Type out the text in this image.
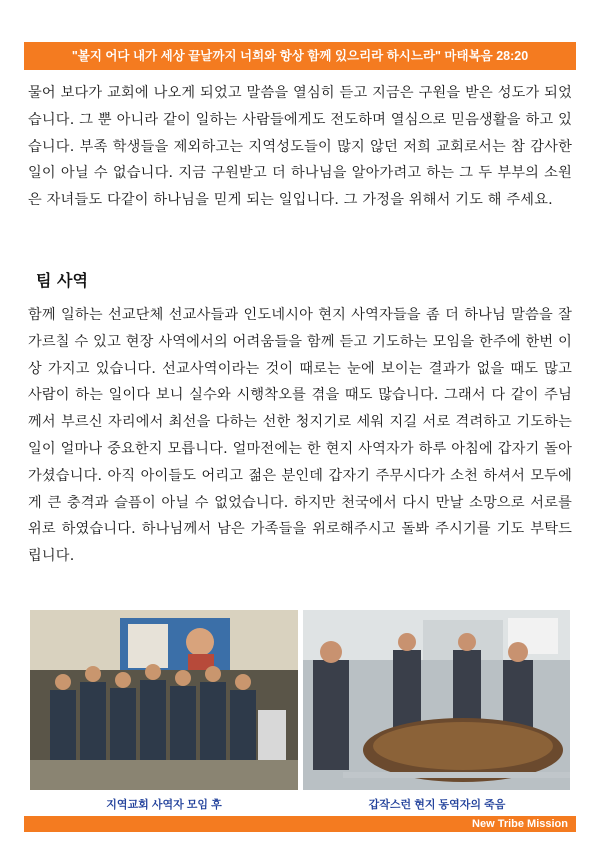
"볼지 어다 내가 세상 끝날까지 너희와 항상 함께 있으리라 하시느라" 마태복음 28:20

물어 보다가 교회에 나오게 되었고 말씀을 열심히 듣고 지금은 구원을 받은 성도가 되었습니다. 그 뿐 아니라 같이 일하는 사람들에게도 전도하며 열심으로 믿음생활을 하고 있습니다. 부족 학생들을 제외하고는 지역성도들이 많지 않던 저희 교회로서는 참 감사한 일이 아닐 수 없습니다. 지금 구원받고 더 하나님을 알아가려고 하는 그 두 부부의 소원은 자녀들도 다같이 하나님을 믿게 되는 일입니다. 그 가정을 위해서 기도 해 주세요.

팀 사역

함께 일하는 선교단체 선교사들과 인도네시아 현지 사역자들을 좀 더 하나님 말씀을 잘 가르칠 수 있고 현장 사역에서의 어려움들을 함께 듣고 기도하는 모임을 한주에 한번 이상 가지고 있습니다. 선교사역이라는 것이 때로는 눈에 보이는 결과가 없을 때도 많고 사람이 하는 일이다 보니 실수와 시행착오를 겪을 때도 많습니다. 그래서 다 같이 주님께서 부르신 자리에서 최선을 다하는 선한 청지기로 세워 지길 서로 격려하고 기도하는 일이 얼마나 중요한지 모릅니다. 얼마전에는 한 현지 사역자가 하루 아침에 갑자기 돌아가셨습니다. 아직 아이들도 어리고 젊은 분인데 갑자기 주무시다가 소천 하셔서 모두에게 큰 충격과 슬픔이 아닐 수 없었습니다. 하지만 천국에서 다시 만날 소망으로 서로를 위로 하였습니다. 하나님께서 남은 가족들을 위로해주시고 돌봐 주시기를 기도 부탁드립니다.

지역교회 사역자 모임 후	갑작스런 현지 동역자의 죽음
New Tribe Mission
